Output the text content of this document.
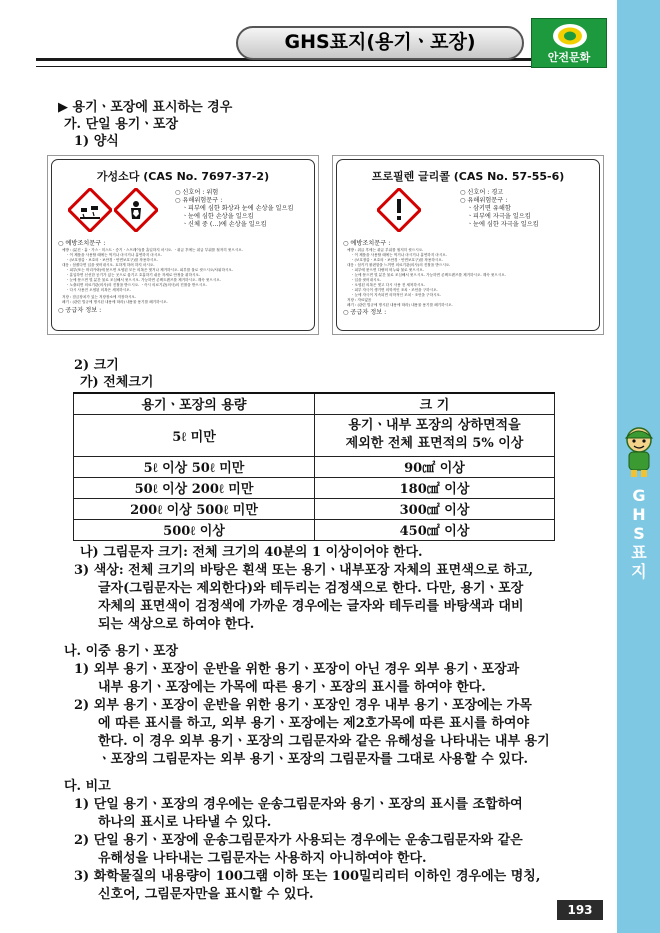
G
H
S
표
지
GHS표지(용기ㆍ포장)
안전문화
▶ 용기ㆍ포장에 표시하는 경우
가. 단일 용기ㆍ포장
1) 양식
가성소다 (CAS No. 7697-37-2)
○ 신호어 : 위험
○ 유해위험문구 :
ㆍ피부에 심한 화상과 눈에 손상을 일으킴
ㆍ눈에 심한 손상을 일으킴
ㆍ신체 중 (…)에 손상을 일으킴
○ 예방조치문구 :
예방 : (분진ㆍ흄ㆍ가스ㆍ미스트ㆍ증기ㆍ스프레이)를 흡입하지 마시오. ㆍ취급 후에는 취급 부위를 철저히 씻으시오.
ㆍ이 제품을 사용할 때에는 먹거나 마시거나 흡연하지 마시오.
ㆍ(보호장갑ㆍ보호의ㆍ보안경ㆍ안면보호구)를 착용하시오.
대응 : 삼켰다면 입을 씻어내시오. 토하게 하려 하지 마시오.
ㆍ피부(또는 머리카락)에 묻으면 오염된 모든 의복은 벗거나 제거하시오. 피부를 물로 씻으시오/샤워하시오.
ㆍ흡입하면 신선한 공기가 있는 곳으로 옮기고 호흡하기 쉬운 자세로 안정을 취하시오.
ㆍ눈에 묻으면 몇 분간 물로 조심해서 씻으시오. 가능하면 콘택트렌즈를 제거하시오. 계속 씻으시오.
ㆍ노출되면 의료기관(의사)의 진찰을 받으시오. ㆍ즉시 의료기관(의사)의 진찰을 받으시오.
ㆍ다시 사용전 오염된 의복은 세척하시오.
저장 : 잠금장치가 있는 저장장소에 저장하시오.
폐기 : (관련 법규에 명시된 내용에 따라) 내용물 용기를 폐기하시오.
○ 공급자 정보 :
프로필렌 글리콜 (CAS No. 57-55-6)
○ 신호어 : 경고
○ 유해위험문구 :
ㆍ삼키면 유해함
ㆍ피부에 자극을 일으킴
ㆍ눈에 심한 자극을 일으킴
○ 예방조치문구 :
예방 : 취급 후에는 취급 부위를 철저히 씻으시오.
ㆍ이 제품을 사용할 때에는 먹거나 마시거나 흡연하지 마시오.
ㆍ(보호장갑ㆍ보호의ㆍ보안경ㆍ안면보호구)를 착용하시오.
대응 : 삼키거 불편함을 느끼면 의료기관(의사)의 진찰을 받으시오.
ㆍ피부에 묻으면 다량의 비누와 물로 씻으시오.
ㆍ눈에 묻으면 몇 분간 물로 조심해서 씻으시오. 가능하면 콘택트렌즈를 제거하시오. 계속 씻으시오.
ㆍ입을 씻어내시오.
ㆍ오염된 의복은 벗고 다시 사용 전 세척하시오.
ㆍ피부 자극이 생기면 의학적인 조치ㆍ조언을 구하시오.
ㆍ눈에 자극이 지속되면 의학적인 조치ㆍ조언을 구하시오.
저장 : 자료없음
폐기 : (관련 법규에 명시된 내용에 따라) 내용물 용기를 폐기하시오.
○ 공급자 정보 :
2) 크기
가) 전체크기
용기ㆍ포장의 용량	크 기
5ℓ 미만	용기ㆍ내부 포장의 상하면적을
제외한 전체 표면적의 5% 이상
5ℓ 이상 50ℓ 미만	90㎠ 이상
50ℓ 이상 200ℓ 미만	180㎠ 이상
200ℓ 이상 500ℓ 미만	300㎠ 이상
500ℓ 이상	450㎠ 이상
나) 그림문자 크기: 전체 크기의 40분의 1 이상이어야 한다.
3) 색상: 전체 크기의 바탕은 흰색 또는 용기ㆍ내부포장 자체의 표면색으로 하고,
글자(그림문자는 제외한다)와 테두리는 검정색으로 한다. 다만, 용기ㆍ포장
자체의 표면색이 검정색에 가까운 경우에는 글자와 테두리를 바탕색과 대비
되는 색상으로 하여야 한다.
나. 이중 용기ㆍ포장
1) 외부 용기ㆍ포장이 운반을 위한 용기ㆍ포장이 아닌 경우 외부 용기ㆍ포장과
내부 용기ㆍ포장에는 가목에 따른 용기ㆍ포장의 표시를 하여야 한다.
2) 외부 용기ㆍ포장이 운반을 위한 용기ㆍ포장인 경우 내부 용기ㆍ포장에는 가목
에 따른 표시를 하고, 외부 용기ㆍ포장에는 제2호가목에 따른 표시를 하여야
한다. 이 경우 외부 용기ㆍ포장의 그림문자와 같은 유해성을 나타내는 내부 용기
ㆍ포장의 그림문자는 외부 용기ㆍ포장의 그림문자를 그대로 사용할 수 있다.
다. 비고
1) 단일 용기ㆍ포장의 경우에는 운송그림문자와 용기ㆍ포장의 표시를 조합하여
하나의 표시로 나타낼 수 있다.
2) 단일 용기ㆍ포장에 운송그림문자가 사용되는 경우에는 운송그림문자와 같은
유해성을 나타내는 그림문자는 사용하지 아니하여야 한다.
3) 화학물질의 내용량이 100그램 이하 또는 100밀리리터 이하인 경우에는 명칭,
신호어, 그림문자만을 표시할 수 있다.
193
